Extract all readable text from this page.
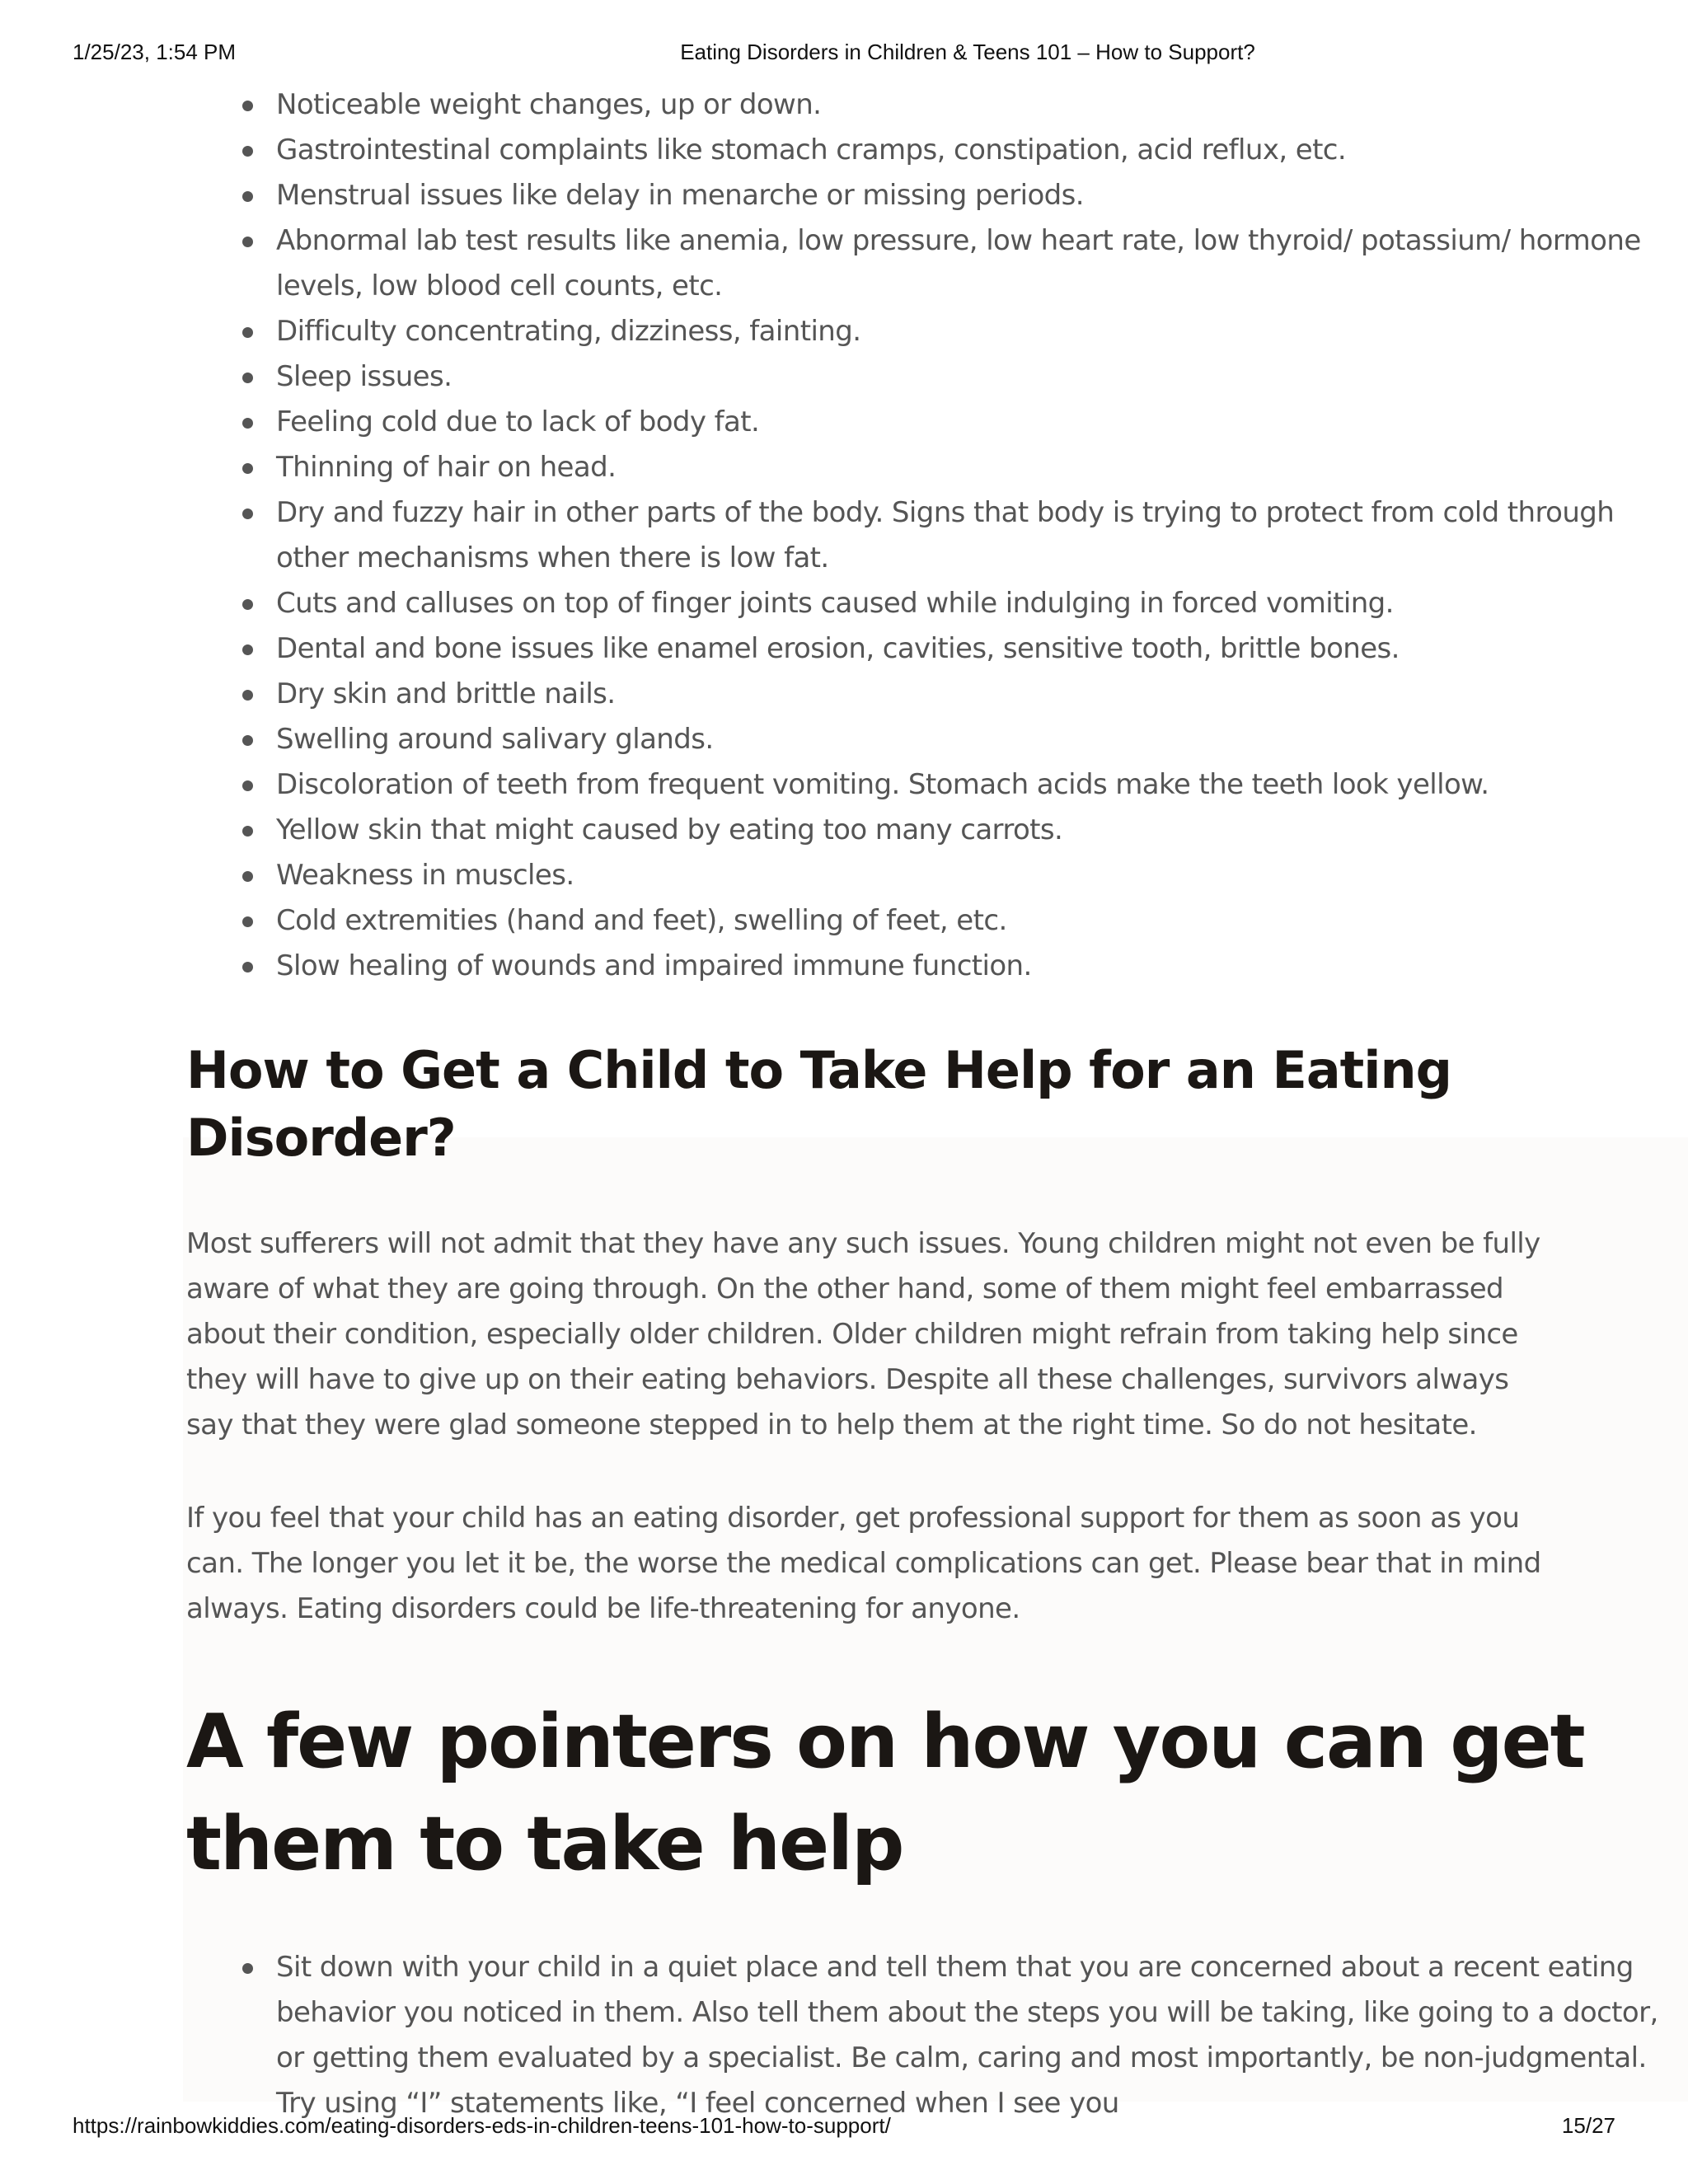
1/25/23, 1:54 PM	Eating Disorders in Children & Teens 101 – How to Support?
Noticeable weight changes, up or down.
Gastrointestinal complaints like stomach cramps, constipation, acid reflux, etc.
Menstrual issues like delay in menarche or missing periods.
Abnormal lab test results like anemia, low pressure, low heart rate, low thyroid/ potassium/ hormone levels, low blood cell counts, etc.
Difficulty concentrating, dizziness, fainting.
Sleep issues.
Feeling cold due to lack of body fat.
Thinning of hair on head.
Dry and fuzzy hair in other parts of the body. Signs that body is trying to protect from cold through other mechanisms when there is low fat.
Cuts and calluses on top of finger joints caused while indulging in forced vomiting.
Dental and bone issues like enamel erosion, cavities, sensitive tooth, brittle bones.
Dry skin and brittle nails.
Swelling around salivary glands.
Discoloration of teeth from frequent vomiting. Stomach acids make the teeth look yellow.
Yellow skin that might caused by eating too many carrots.
Weakness in muscles.
Cold extremities (hand and feet), swelling of feet, etc.
Slow healing of wounds and impaired immune function.
How to Get a Child to Take Help for an Eating Disorder?

Most sufferers will not admit that they have any such issues. Young children might not even be fully aware of what they are going through. On the other hand, some of them might feel embarrassed about their condition, especially older children. Older children might refrain from taking help since they will have to give up on their eating behaviors. Despite all these challenges, survivors always say that they were glad someone stepped in to help them at the right time. So do not hesitate.

If you feel that your child has an eating disorder, get professional support for them as soon as you can. The longer you let it be, the worse the medical complications can get. Please bear that in mind always. Eating disorders could be life-threatening for anyone.

A few pointers on how you can get them to take help
Sit down with your child in a quiet place and tell them that you are concerned about a recent eating behavior you noticed in them. Also tell them about the steps you will be taking, like going to a doctor, or getting them evaluated by a specialist. Be calm, caring and most importantly, be non-judgmental. Try using “I” statements like, “I feel concerned when I see you
https://rainbowkiddies.com/eating-disorders-eds-in-children-teens-101-how-to-support/	15/27
